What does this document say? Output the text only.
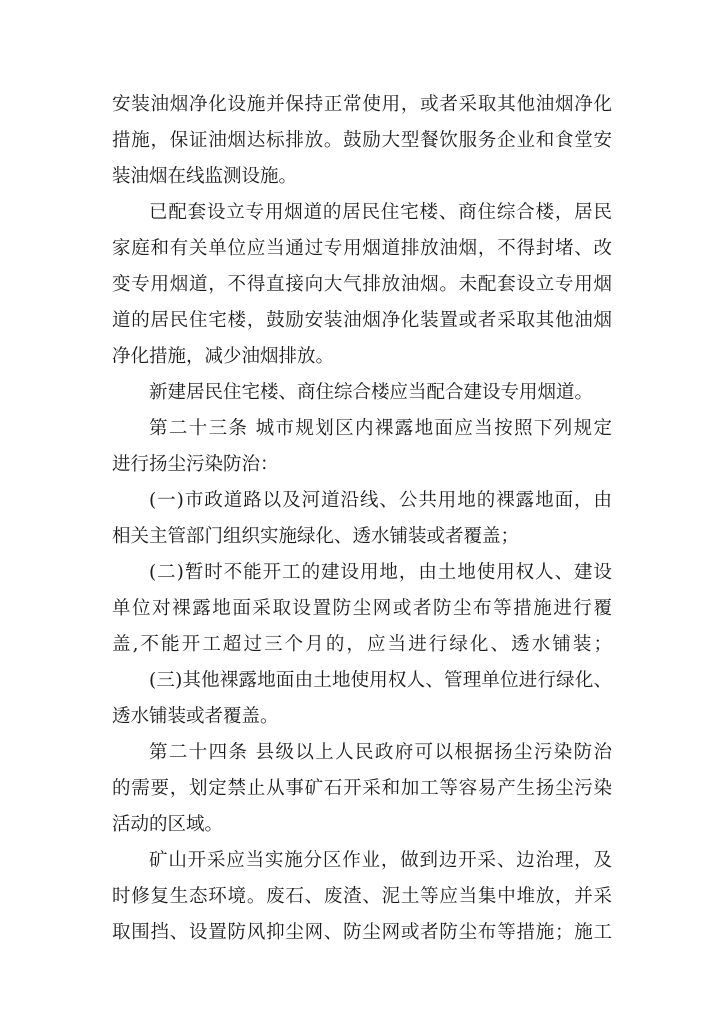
安装油烟净化设施并保持正常使用，或者采取其他油烟净化
措施，保证油烟达标排放。鼓励大型餐饮服务企业和食堂安
装油烟在线监测设施。
已配套设立专用烟道的居民住宅楼、商住综合楼，居民
家庭和有关单位应当通过专用烟道排放油烟，不得封堵、改
变专用烟道，不得直接向大气排放油烟。未配套设立专用烟
道的居民住宅楼，鼓励安装油烟净化装置或者采取其他油烟
净化措施，减少油烟排放。
新建居民住宅楼、商住综合楼应当配合建设专用烟道。
第二十三条 城市规划区内裸露地面应当按照下列规定
进行扬尘污染防治：
(一)市政道路以及河道沿线、公共用地的裸露地面，由
相关主管部门组织实施绿化、透水铺装或者覆盖；
(二)暂时不能开工的建设用地，由土地使用权人、建设
单位对裸露地面采取设置防尘网或者防尘布等措施进行覆
盖,不能开工超过三个月的，应当进行绿化、透水铺装；
(三)其他裸露地面由土地使用权人、管理单位进行绿化、
透水铺装或者覆盖。
第二十四条 县级以上人民政府可以根据扬尘污染防治
的需要，划定禁止从事矿石开采和加工等容易产生扬尘污染
活动的区域。
矿山开采应当实施分区作业，做到边开采、边治理，及
时修复生态环境。废石、废渣、泥土等应当集中堆放，并采
取围挡、设置防风抑尘网、防尘网或者防尘布等措施；施工
